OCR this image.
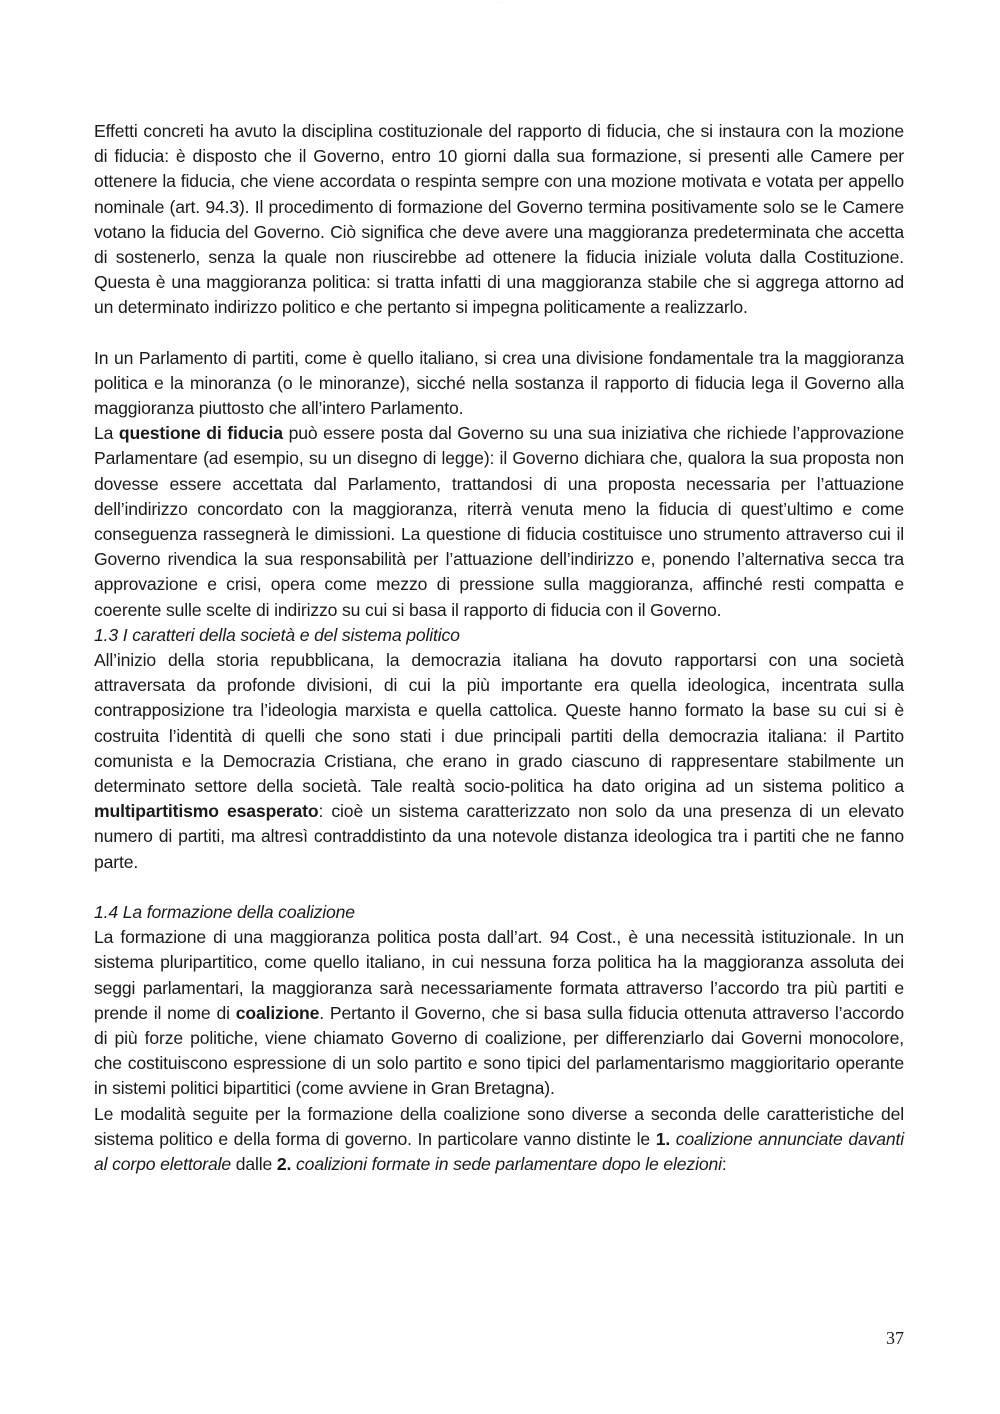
·· ·· ···

Effetti concreti ha avuto la disciplina costituzionale del rapporto di fiducia, che si instaura con la mozione di fiducia: è disposto che il Governo, entro 10 giorni dalla sua formazione, si presenti alle Camere per ottenere la fiducia, che viene accordata o respinta sempre con una mozione motivata e votata per appello nominale (art. 94.3). Il procedimento di formazione del Governo termina positivamente solo se le Camere votano la fiducia del Governo. Ciò significa che deve avere una maggioranza predeterminata che accetta di sostenerlo, senza la quale non riuscirebbe ad ottenere la fiducia iniziale voluta dalla Costituzione. Questa è una maggioranza politica: si tratta infatti di una maggioranza stabile che si aggrega attorno ad un determinato indirizzo politico e che pertanto si impegna politicamente a realizzarlo.

In un Parlamento di partiti, come è quello italiano, si crea una divisione fondamentale tra la maggioranza politica e la minoranza (o le minoranze), sicché nella sostanza il rapporto di fiducia lega il Governo alla maggioranza piuttosto che all’intero Parlamento.

La questione di fiducia può essere posta dal Governo su una sua iniziativa che richiede l’approvazione Parlamentare (ad esempio, su un disegno di legge): il Governo dichiara che, qualora la sua proposta non dovesse essere accettata dal Parlamento, trattandosi di una proposta necessaria per l’attuazione dell’indirizzo concordato con la maggioranza, riterrà venuta meno la fiducia di quest’ultimo e come conseguenza rassegnerà le dimissioni. La questione di fiducia costituisce uno strumento attraverso cui il Governo rivendica la sua responsabilità per l’attuazione dell’indirizzo e, ponendo l’alternativa secca tra approvazione e crisi, opera come mezzo di pressione sulla maggioranza, affinché resti compatta e coerente sulle scelte di indirizzo su cui si basa il rapporto di fiducia con il Governo.

1.3 I caratteri della società e del sistema politico

All’inizio della storia repubblicana, la democrazia italiana ha dovuto rapportarsi con una società attraversata da profonde divisioni, di cui la più importante era quella ideologica, incentrata sulla contrapposizione tra l’ideologia marxista e quella cattolica. Queste hanno formato la base su cui si è costruita l’identità di quelli che sono stati i due principali partiti della democrazia italiana: il Partito comunista e la Democrazia Cristiana, che erano in grado ciascuno di rappresentare stabilmente un determinato settore della società. Tale realtà socio-politica ha dato origina ad un sistema politico a multipartitismo esasperato: cioè un sistema caratterizzato non solo da una presenza di un elevato numero di partiti, ma altresì contraddistinto da una notevole distanza ideologica tra i partiti che ne fanno parte.

1.4 La formazione della coalizione

La formazione di una maggioranza politica posta dall’art. 94 Cost., è una necessità istituzionale. In un sistema pluripartitico, come quello italiano, in cui nessuna forza politica ha la maggioranza assoluta dei seggi parlamentari, la maggioranza sarà necessariamente formata attraverso l’accordo tra più partiti e prende il nome di coalizione. Pertanto il Governo, che si basa sulla fiducia ottenuta attraverso l’accordo di più forze politiche, viene chiamato Governo di coalizione, per differenziarlo dai Governi monocolore, che costituiscono espressione di un solo partito e sono tipici del parlamentarismo maggioritario operante in sistemi politici bipartitici (come avviene in Gran Bretagna).

Le modalità seguite per la formazione della coalizione sono diverse a seconda delle caratteristiche del sistema politico e della forma di governo. In particolare vanno distinte le 1. coalizione annunciate davanti al corpo elettorale dalle 2. coalizioni formate in sede parlamentare dopo le elezioni:

37
